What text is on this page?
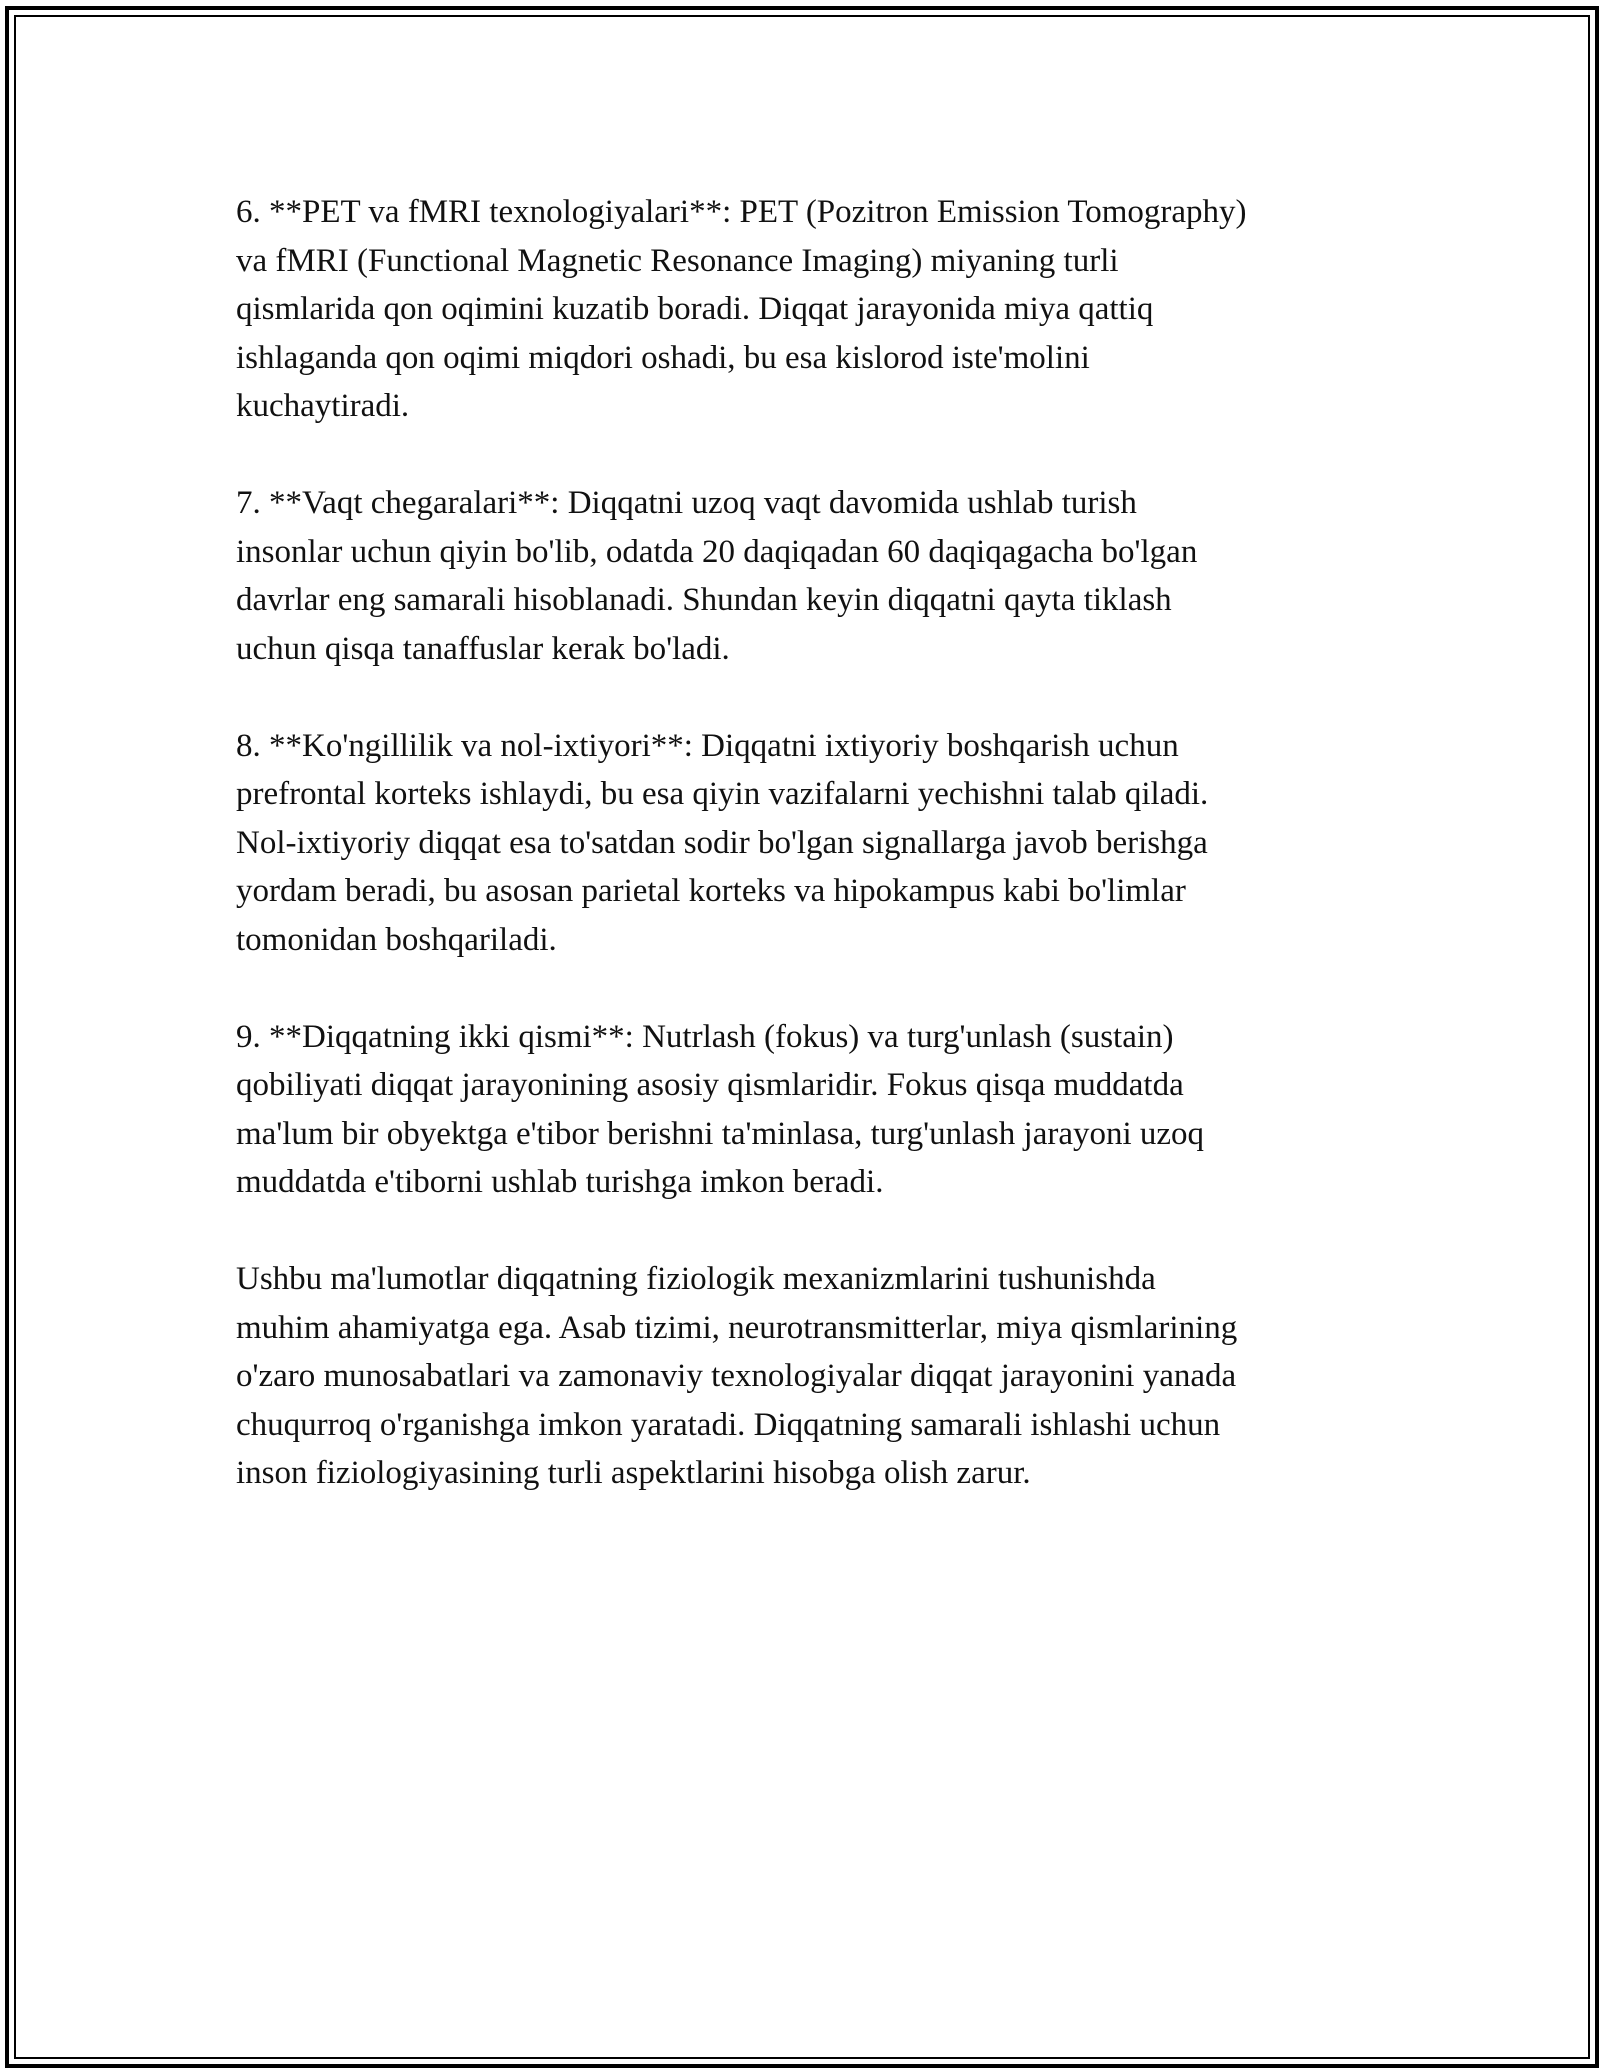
6. **PET va fMRI texnologiyalari**: PET (Pozitron Emission Tomography)
va fMRI (Functional Magnetic Resonance Imaging) miyaning turli
qismlarida qon oqimini kuzatib boradi. Diqqat jarayonida miya qattiq
ishlaganda qon oqimi miqdori oshadi, bu esa kislorod iste'molini
kuchaytiradi.

7. **Vaqt chegaralari**: Diqqatni uzoq vaqt davomida ushlab turish
insonlar uchun qiyin bo'lib, odatda 20 daqiqadan 60 daqiqagacha bo'lgan
davrlar eng samarali hisoblanadi. Shundan keyin diqqatni qayta tiklash
uchun qisqa tanaffuslar kerak bo'ladi.

8. **Ko'ngillilik va nol-ixtiyori**: Diqqatni ixtiyoriy boshqarish uchun
prefrontal korteks ishlaydi, bu esa qiyin vazifalarni yechishni talab qiladi.
Nol-ixtiyoriy diqqat esa to'satdan sodir bo'lgan signallarga javob berishga
yordam beradi, bu asosan parietal korteks va hipokampus kabi bo'limlar
tomonidan boshqariladi.

9. **Diqqatning ikki qismi**: Nutrlash (fokus) va turg'unlash (sustain)
qobiliyati diqqat jarayonining asosiy qismlaridir. Fokus qisqa muddatda
ma'lum bir obyektga e'tibor berishni ta'minlasa, turg'unlash jarayoni uzoq
muddatda e'tiborni ushlab turishga imkon beradi.

Ushbu ma'lumotlar diqqatning fiziologik mexanizmlarini tushunishda
muhim ahamiyatga ega. Asab tizimi, neurotransmitterlar, miya qismlarining
o'zaro munosabatlari va zamonaviy texnologiyalar diqqat jarayonini yanada
chuqurroq o'rganishga imkon yaratadi. Diqqatning samarali ishlashi uchun
inson fiziologiyasining turli aspektlarini hisobga olish zarur.
